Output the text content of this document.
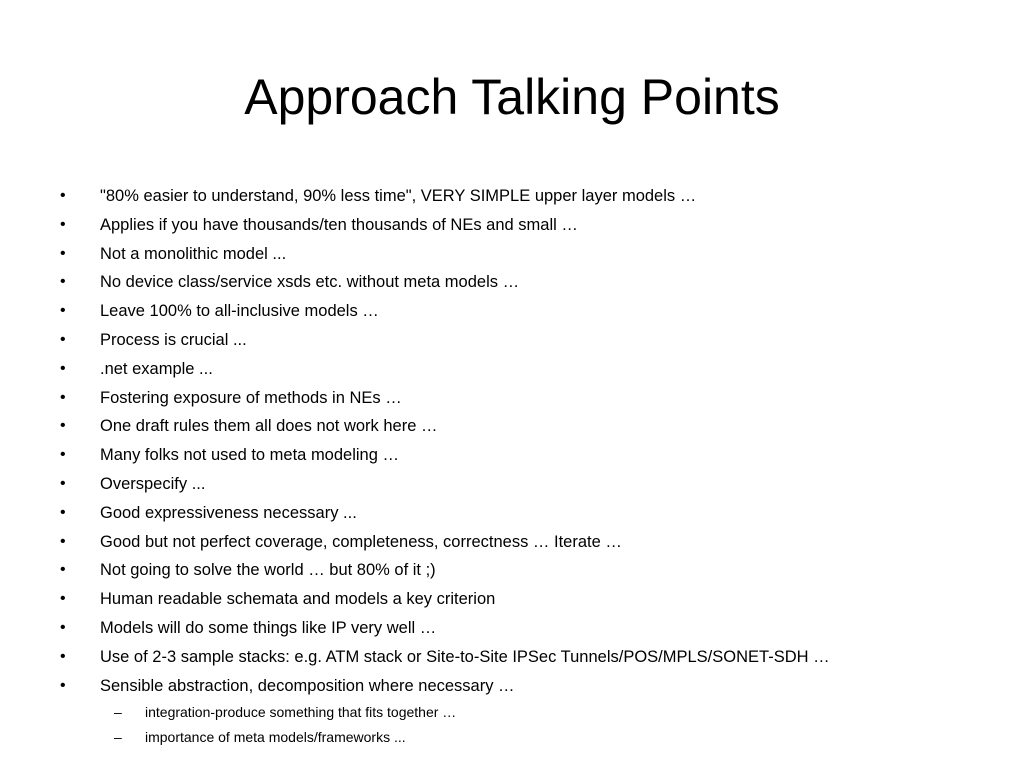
Approach Talking Points
•	"80% easier to understand, 90% less time", VERY SIMPLE upper layer models …
•	Applies if you have thousands/ten thousands of NEs and small …
•	Not a monolithic model ...
•	No device class/service xsds etc. without meta models …
•	Leave 100% to all-inclusive models …
•	Process is crucial ...
•	.net example ...
•	Fostering exposure of methods in NEs …
•	One draft rules them all does not work here …
•	Many folks not used to meta modeling …
•	Overspecify ...
•	Good expressiveness necessary ...
•	Good but not perfect coverage, completeness, correctness … Iterate …
•	Not going to solve the world … but 80% of it ;)
•	Human readable schemata and models a key criterion
•	Models will do some things like IP very well …
•	Use of 2-3 sample stacks: e.g. ATM stack or Site-to-Site IPSec Tunnels/POS/MPLS/SONET-SDH …
•	Sensible abstraction, decomposition where necessary …
– integration-produce something that fits together …
– importance of meta models/frameworks ...
